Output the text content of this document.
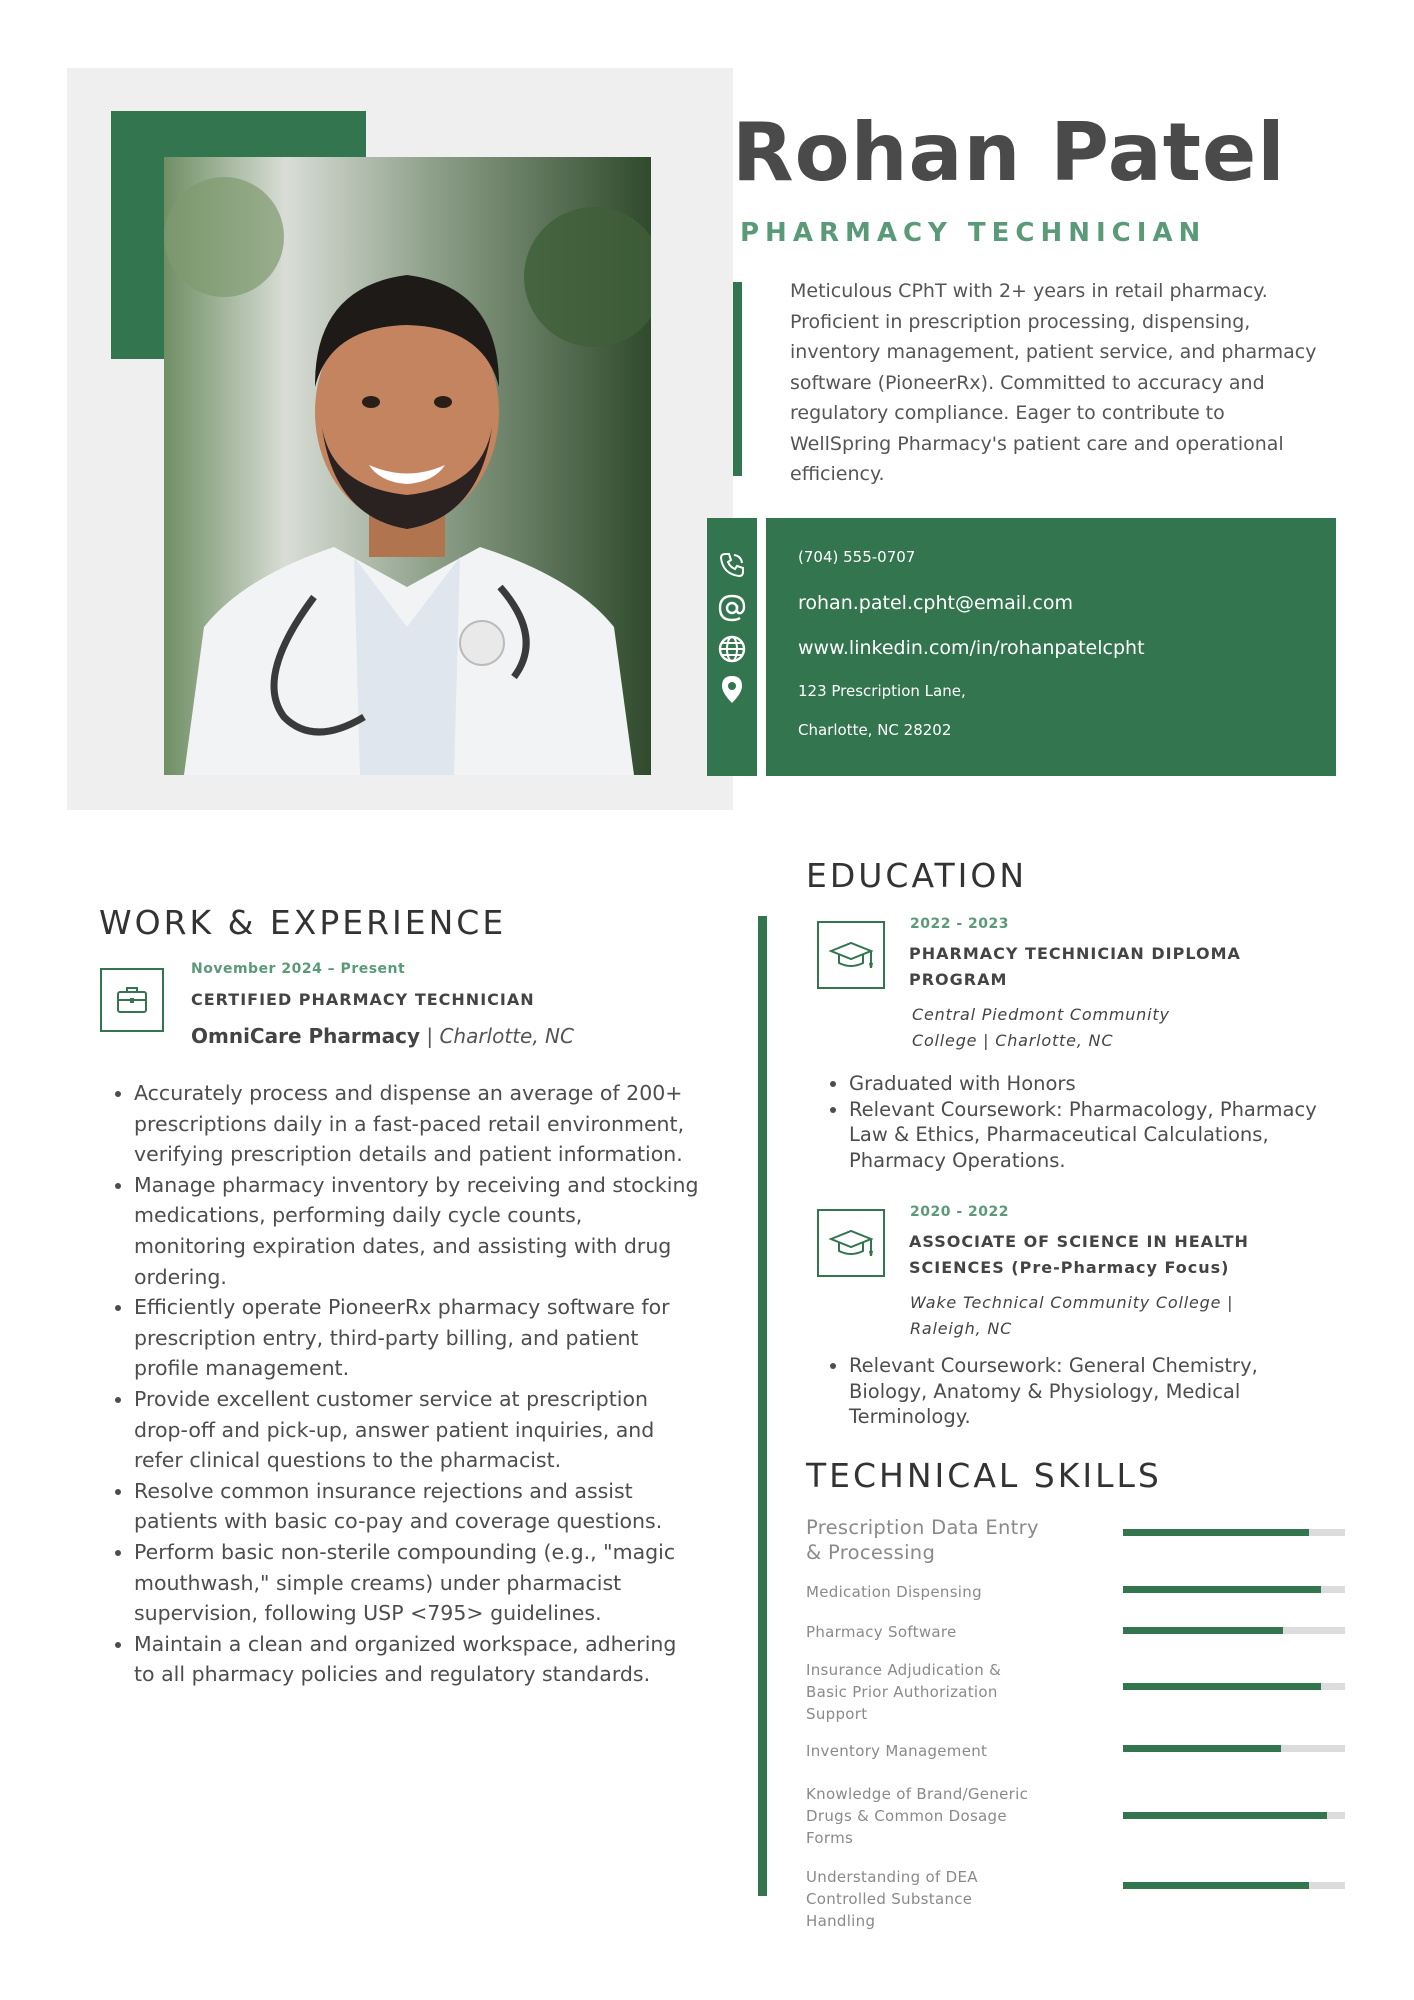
Rohan Patel
PHARMACY TECHNICIAN
Meticulous CPhT with 2+ years in retail pharmacy. Proficient in prescription processing, dispensing, inventory management, patient service, and pharmacy software (PioneerRx). Committed to accuracy and regulatory compliance. Eager to contribute to WellSpring Pharmacy's patient care and operational efficiency.
(704) 555-0707
rohan.patel.cpht@email.com
www.linkedin.com/in/rohanpatelcpht
123 Prescription Lane,
Charlotte, NC 28202
WORK & EXPERIENCE
November 2024 – Present
CERTIFIED PHARMACY TECHNICIAN
OmniCare Pharmacy | Charlotte, NC
• Accurately process and dispense an average of 200+ prescriptions daily in a fast-paced retail environment, verifying prescription details and patient information.
• Manage pharmacy inventory by receiving and stocking medications, performing daily cycle counts, monitoring expiration dates, and assisting with drug ordering.
• Efficiently operate PioneerRx pharmacy software for prescription entry, third-party billing, and patient profile management.
• Provide excellent customer service at prescription drop-off and pick-up, answer patient inquiries, and refer clinical questions to the pharmacist.
• Resolve common insurance rejections and assist patients with basic co-pay and coverage questions.
• Perform basic non-sterile compounding (e.g., "magic mouthwash," simple creams) under pharmacist supervision, following USP <795> guidelines.
• Maintain a clean and organized workspace, adhering to all pharmacy policies and regulatory standards.
EDUCATION
2022 - 2023
PHARMACY TECHNICIAN DIPLOMA
PROGRAM
Central Piedmont Community
College | Charlotte, NC
• Graduated with Honors
• Relevant Coursework: Pharmacology, Pharmacy Law & Ethics, Pharmaceutical Calculations, Pharmacy Operations.
2020 - 2022
ASSOCIATE OF SCIENCE IN HEALTH
SCIENCES (Pre-Pharmacy Focus)
Wake Technical Community College |
Raleigh, NC
• Relevant Coursework: General Chemistry, Biology, Anatomy & Physiology, Medical Terminology.
TECHNICAL SKILLS
Prescription Data Entry & Processing
Medication Dispensing
Pharmacy Software
Insurance Adjudication & Basic Prior Authorization Support
Inventory Management
Knowledge of Brand/Generic Drugs & Common Dosage Forms
Understanding of DEA Controlled Substance Handling
